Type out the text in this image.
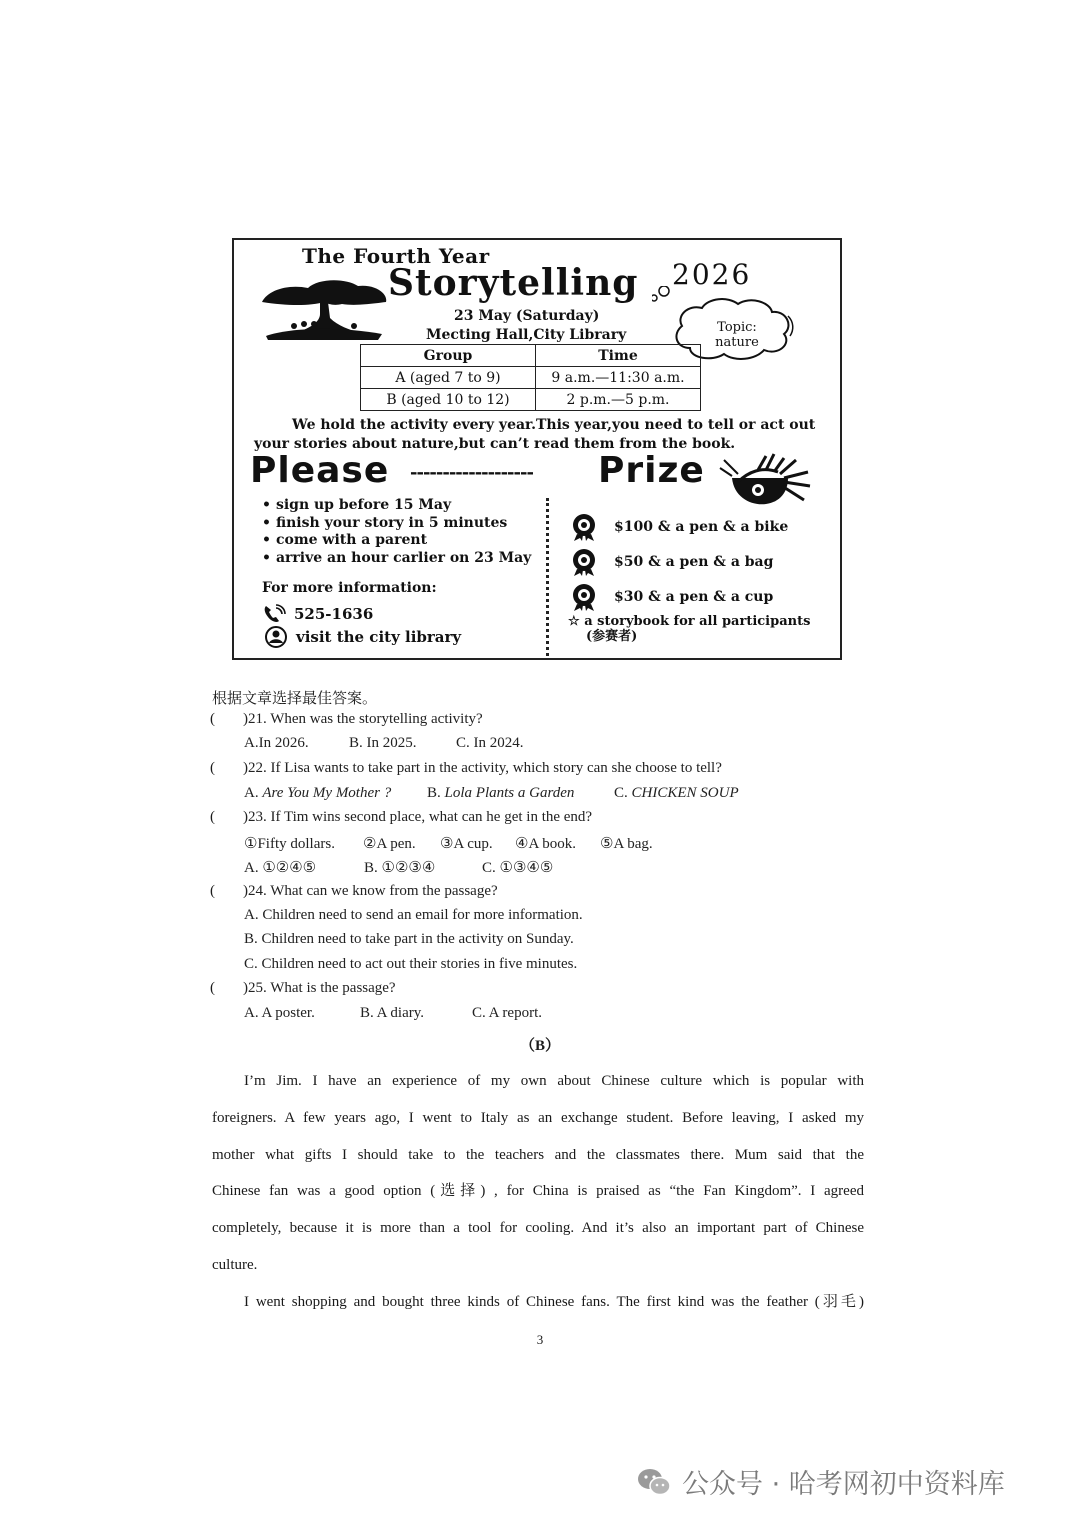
The Fourth Year
Storytelling 2026
Topic: nature
23 May (Saturday)
Mecting Hall,City Library
Group	Time
A (aged 7 to 9)	9 a.m.—11:30 a.m.
B (aged 10 to 12)	2 p.m.—5 p.m.
We hold the activity every year.This year,you need to tell or act out
your stories about nature,but can’t read them from the book.
Please ------------------- Prize
• sign up before 15 May
• finish your story in 5 minutes
• come with a parent
• arrive an hour carlier on 23 May
For more information:
525-1636
visit the city library
$100 & a pen & a bike
$50 & a pen & a bag
$30 & a pen & a cup
☆ a storybook for all participants
(参赛者)
根据文章选择最佳答案。
( )21. When was the storytelling activity?
A.In 2026.	B. In 2025.	C. In 2024.
( )22. If Lisa wants to take part in the activity, which story can she choose to tell?
A. Are You My Mother ? B. Lola Plants a Garden	C. CHICKEN SOUP
( )23. If Tim wins second place, what can he get in the end?
①Fifty dollars. ②A pen. ③A cup. ④A book. ⑤A bag.
A. ①②④⑤	B. ①②③④	C. ①③④⑤
( )24. What can we know from the passage?
A. Children need to send an email for more information.
B. Children need to take part in the activity on Sunday.
C. Children need to act out their stories in five minutes.
( )25. What is the passage?
A. A poster.	B. A diary.	C. A report.
（B）
I’m Jim. I have an experience of my own about Chinese culture which is popular with
foreigners. A few years ago, I went to Italy as an exchange student. Before leaving, I asked my
mother what gifts I should take to the teachers and the classmates there. Mum said that the
Chinese fan was a good option (选择) , for China is praised as “the Fan Kingdom”. I agreed
completely, because it is more than a tool for cooling. And it’s also an important part of Chinese
culture.
I went shopping and bought three kinds of Chinese fans. The first kind was the feather (羽毛)
3
公众号 · 哈考网初中资料库
